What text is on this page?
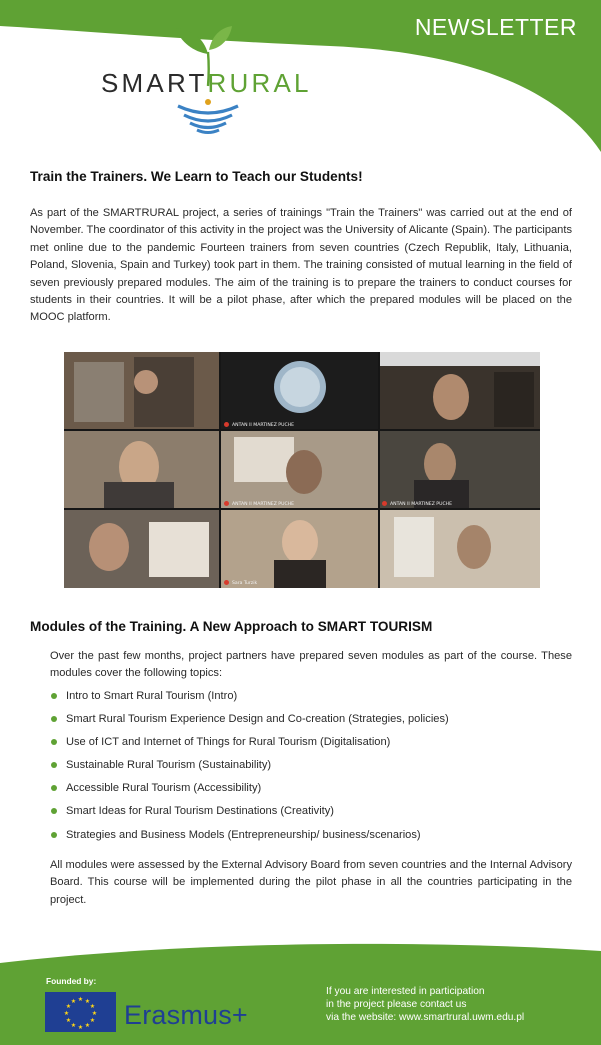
NEWSLETTER
SMARTRURAL
Train the Trainers. We Learn to Teach our Students!

As part of the SMARTRURAL project, a series of trainings "Train the Trainers" was carried out at the end of November. The coordinator of this activity in the project was the University of Alicante (Spain). The participants met online due to the pandemic Fourteen trainers from seven countries (Czech Republik, Italy, Lithuania, Poland, Slovenia, Spain and Turkey) took part in them. The training consisted of mutual learning in the field of seven previously prepared modules. The aim of the training is to prepare the trainers to conduct courses for students in their countries. It will be a pilot phase, after which the prepared modules will be placed on the MOOC platform.

ANTAN II MARTINEZ PUCHE
ANTAN II MARTINEZ PUCHE
ANTAN II MARTINEZ PUCHE
Sara Turzik
Modules of the Training. A New Approach to SMART TOURISM

Over the past few months, project partners have prepared seven modules as part of the course. These modules cover the following topics:

Intro to Smart Rural Tourism (Intro)
Smart Rural Tourism Experience Design and Co-creation (Strategies, policies)
Use of ICT and Internet of Things for Rural Tourism (Digitalisation)
Sustainable Rural Tourism (Sustainability)
Accessible Rural Tourism (Accessibility)
Smart Ideas for Rural Tourism Destinations (Creativity)
Strategies and Business Models (Entrepreneurship/ business/scenarios)

All modules were assessed by the External Advisory Board from seven countries and the Internal Advisory Board. This course will be implemented during the pilot phase in all the countries participating in the project.

Founded by:
★ ★
★
★
★
★
★
★
★
★
★
★ Erasmus+
If you are interested in participation
in the project please contact us
via the website: www.smartrural.uwm.edu.pl
